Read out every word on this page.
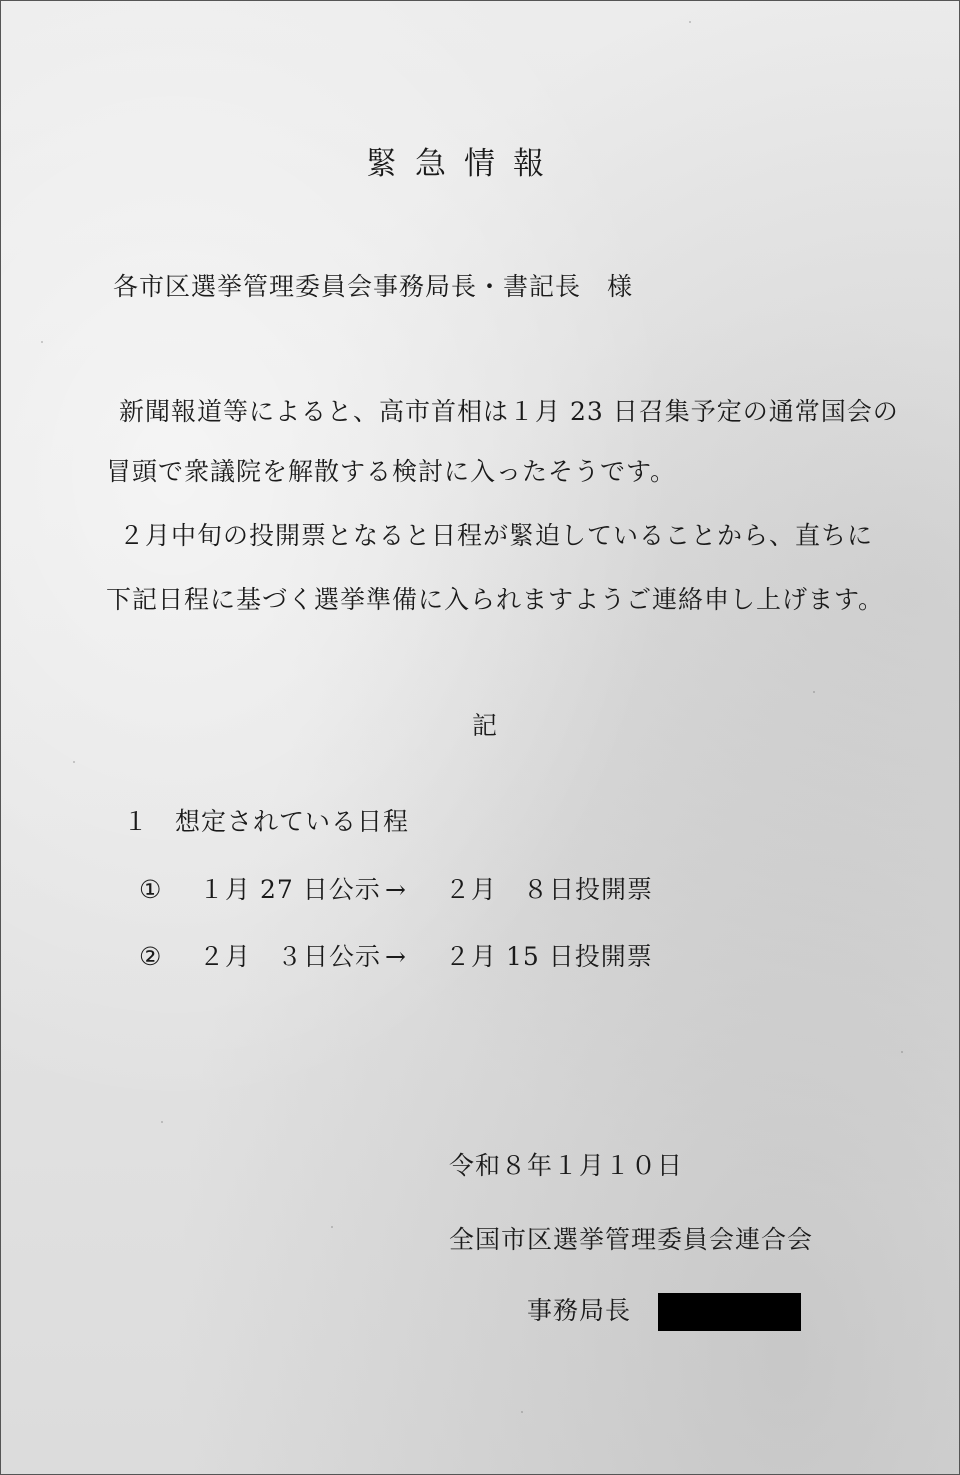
緊急情報
各市区選挙管理委員会事務局長・書記長　様
新聞報道等によると、高市首相は１月 23 日召集予定の通常国会の
冒頭で衆議院を解散する検討に入ったそうです。
２月中旬の投開票となると日程が緊迫していることから、直ちに
下記日程に基づく選挙準備に入られますようご連絡申し上げます。
記
１　想定されている日程
① １月 27 日公示 → ２月　８日投開票
② ２月　３日公示 → ２月 15 日投開票
令和８年１月１０日
全国市区選挙管理委員会連合会
事務局長
